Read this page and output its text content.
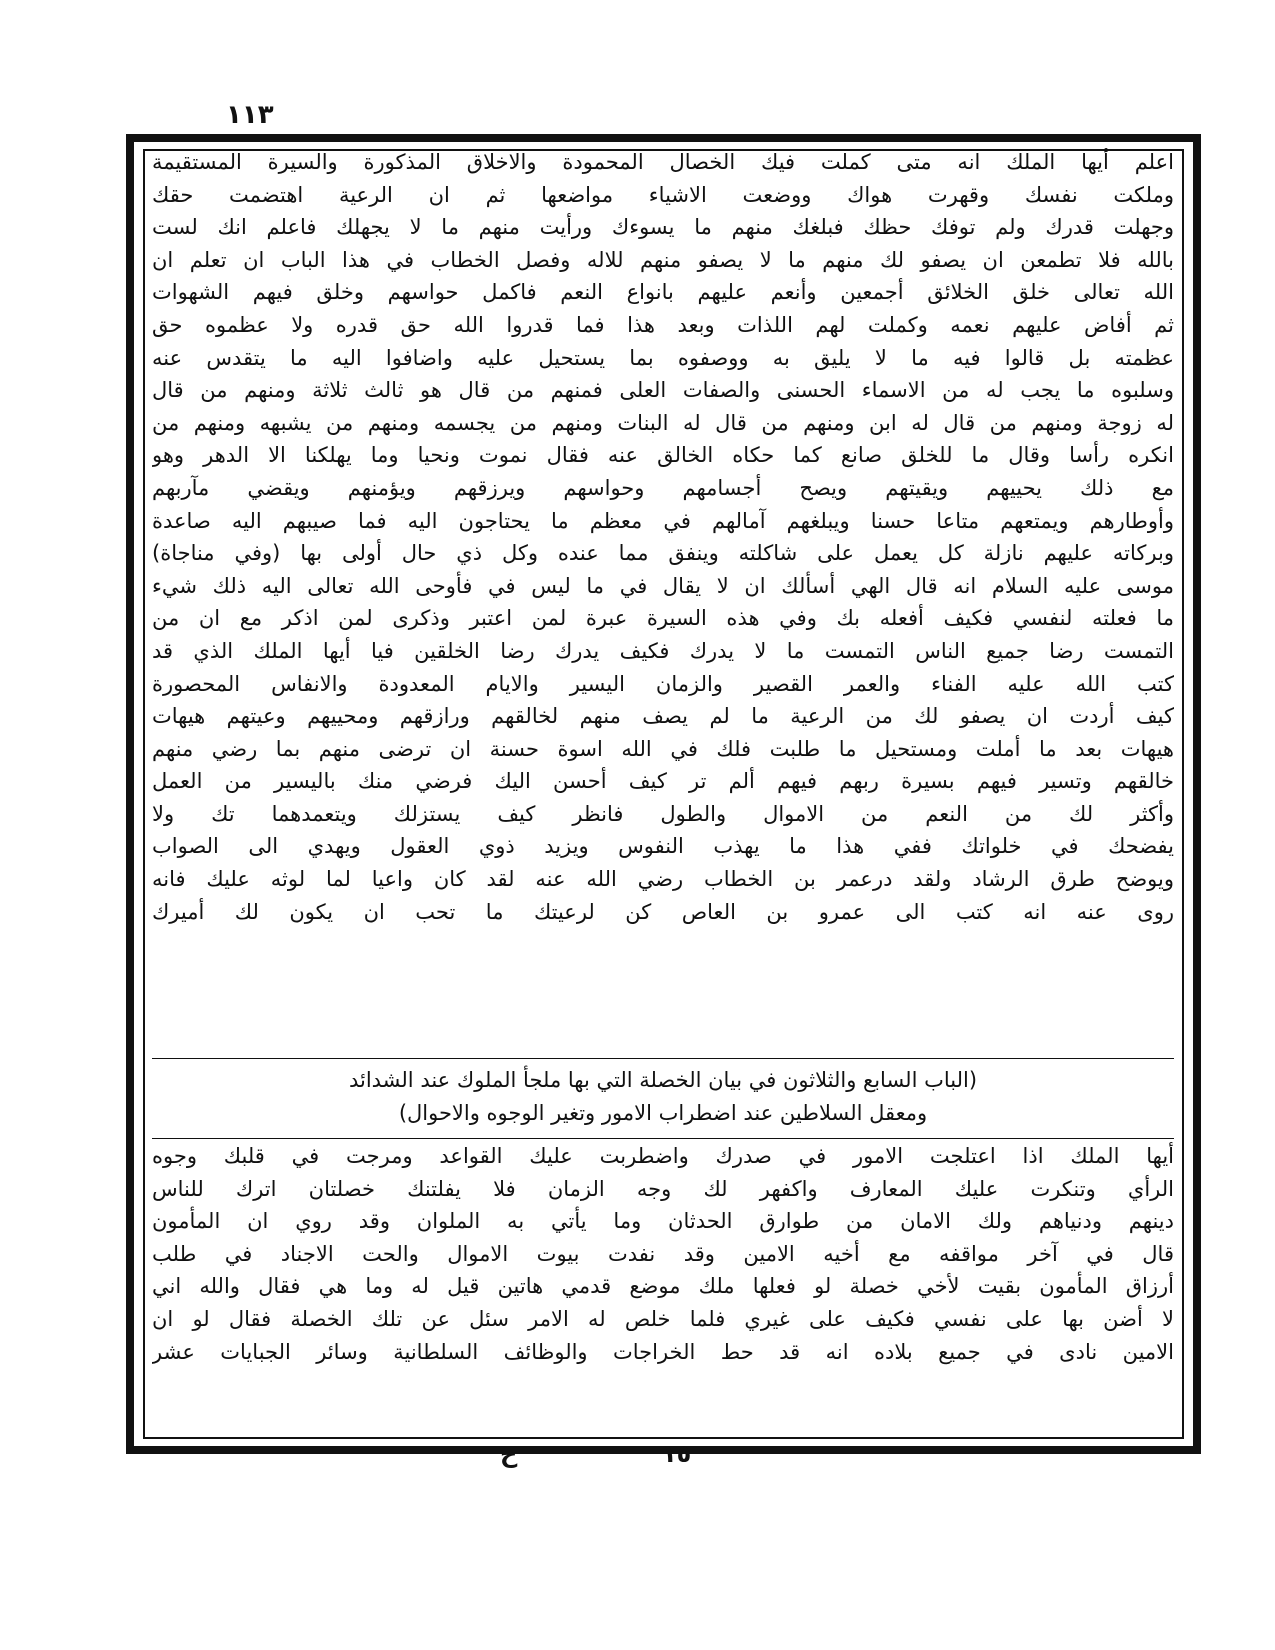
١١٣
اعلم أيها الملك انه متى كملت فيك الخصال المحمودة والاخلاق المذكورة والسيرة المستقيمة
وملكت نفسك وقهرت هواك ووضعت الاشياء مواضعها ثم ان الرعية اهتضمت حقك
وجهلت قدرك ولم توفك حظك فبلغك منهم ما يسوءك ورأيت منهم ما لا يجهلك فاعلم انك لست
بالله فلا تطمعن ان يصفو لك منهم ما لا يصفو منهم للاله وفصل الخطاب في هذا الباب ان تعلم ان
الله تعالى خلق الخلائق أجمعين وأنعم عليهم بانواع النعم فاكمل حواسهم وخلق فيهم الشهوات
ثم أفاض عليهم نعمه وكملت لهم اللذات وبعد هذا فما قدروا الله حق قدره ولا عظموه حق
عظمته بل قالوا فيه ما لا يليق به ووصفوه بما يستحيل عليه واضافوا اليه ما يتقدس عنه
وسلبوه ما يجب له من الاسماء الحسنى والصفات العلى فمنهم من قال هو ثالث ثلاثة ومنهم من قال
له زوجة ومنهم من قال له ابن ومنهم من قال له البنات ومنهم من يجسمه ومنهم من يشبهه ومنهم من
انكره رأسا وقال ما للخلق صانع كما حكاه الخالق عنه فقال نموت ونحيا وما يهلكنا الا الدهر وهو
مع ذلك يحييهم ويقيتهم ويصح أجسامهم وحواسهم ويرزقهم ويؤمنهم ويقضي مآربهم
وأوطارهم ويمتعهم متاعا حسنا ويبلغهم آمالهم في معظم ما يحتاجون اليه فما صيبهم اليه صاعدة
وبركاته عليهم نازلة كل يعمل على شاكلته وينفق مما عنده وكل ذي حال أولى بها (وفي مناجاة)
موسى عليه السلام انه قال الهي أسألك ان لا يقال في ما ليس في فأوحى الله تعالى اليه ذلك شيء
ما فعلته لنفسي فكيف أفعله بك وفي هذه السيرة عبرة لمن اعتبر وذكرى لمن اذكر مع ان من
التمست رضا جميع الناس التمست ما لا يدرك فكيف يدرك رضا الخلقين فيا أيها الملك الذي قد
كتب الله عليه الفناء والعمر القصير والزمان اليسير والايام المعدودة والانفاس المحصورة
كيف أردت ان يصفو لك من الرعية ما لم يصف منهم لخالقهم ورازقهم ومحييهم وعيتهم هيهات
هيهات بعد ما أملت ومستحيل ما طلبت فلك في الله اسوة حسنة ان ترضى منهم بما رضي منهم
خالقهم وتسير فيهم بسيرة ربهم فيهم ألم تر كيف أحسن اليك فرضي منك باليسير من العمل
وأكثر لك من النعم من الاموال والطول فانظر كيف يستزلك ويتعمدهما تك ولا
يفضحك في خلواتك ففي هذا ما يهذب النفوس ويزيد ذوي العقول ويهدي الى الصواب
ويوضح طرق الرشاد ولقد درعمر بن الخطاب رضي الله عنه لقد كان واعيا لما لوثه عليك فانه
روى عنه انه كتب الى عمرو بن العاص كن لرعيتك ما تحب ان يكون لك أميرك
(الباب السابع والثلاثون في بيان الخصلة التي بها ملجأ الملوك عند الشدائد
ومعقل السلاطين عند اضطراب الامور وتغير الوجوه والاحوال)
أيها الملك اذا اعتلجت الامور في صدرك واضطربت عليك القواعد ومرجت في قلبك وجوه
الرأي وتنكرت عليك المعارف واكفهر لك وجه الزمان فلا يفلتنك خصلتان اترك للناس
دينهم ودنياهم ولك الامان من طوارق الحدثان وما يأتي به الملوان وقد روي ان المأمون
قال في آخر مواقفه مع أخيه الامين وقد نفدت بيوت الاموال والحت الاجناد في طلب
أرزاق المأمون بقيت لأخي خصلة لو فعلها ملك موضع قدمي هاتين قيل له وما هي فقال والله اني
لا أضن بها على نفسي فكيف على غيري فلما خلص له الامر سئل عن تلك الخصلة فقال لو ان
الامين نادى في جميع بلاده انه قد حط الخراجات والوظائف السلطانية وسائر الجبايات عشر
١٥
ح
